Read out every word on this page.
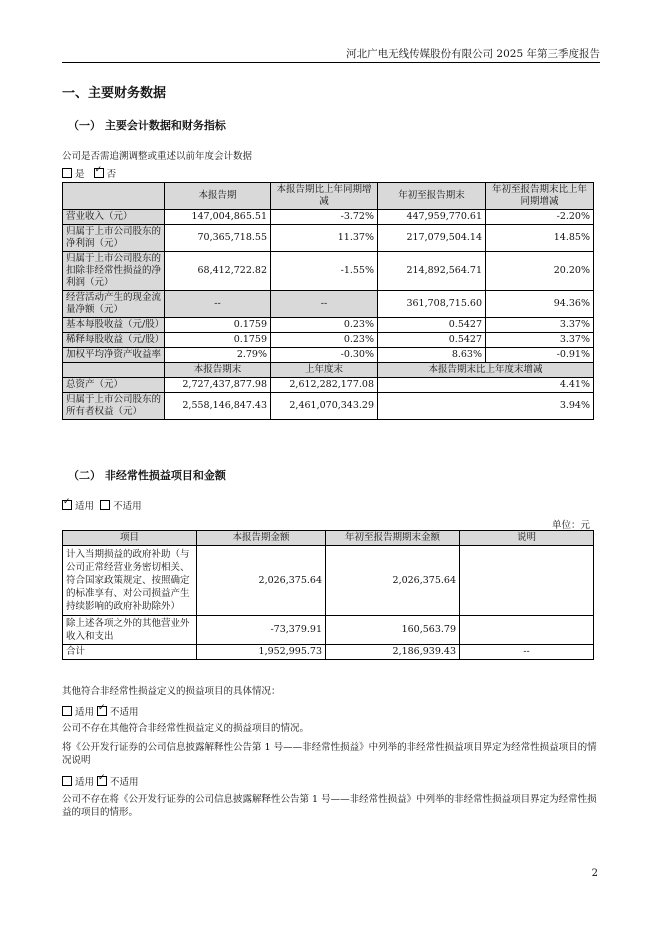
河北广电无线传媒股份有限公司 2025 年第三季度报告
一、主要财务数据
（一） 主要会计数据和财务指标
公司是否需追溯调整或重述以前年度会计数据
是 ✓ 否
	本报告期	本报告期比上年同期增减	年初至报告期末	年初至报告期末比上年同期增减
营业收入（元）	147,004,865.51	-3.72%	447,959,770.61	-2.20%
归属于上市公司股东的净利润（元）	70,365,718.55	11.37%	217,079,504.14	14.85%
归属于上市公司股东的扣除非经常性损益的净利润（元）	68,412,722.82	-1.55%	214,892,564.71	20.20%
经营活动产生的现金流量净额（元）	--	--	361,708,715.60	94.36%
基本每股收益（元/股）	0.1759	0.23%	0.5427	3.37%
稀释每股收益（元/股）	0.1759	0.23%	0.5427	3.37%
加权平均净资产收益率	2.79%	-0.30%	8.63%	-0.91%
	本报告期末	上年度末	本报告期末比上年度末增减	
总资产（元）	2,727,437,877.98	2,612,282,177.08	4.41%	
归属于上市公司股东的所有者权益（元）	2,558,146,847.43	2,461,070,343.29	3.94%	
（二） 非经常性损益项目和金额
✓适用 不适用
单位：元
项目	本报告期金额	年初至报告期期末金额	说明
计入当期损益的政府补助（与公司正常经营业务密切相关、符合国家政策规定、按照确定的标准享有、对公司损益产生持续影响的政府补助除外）	2,026,375.64	2,026,375.64	
除上述各项之外的其他营业外收入和支出	-73,379.91	160,563.79	
合计	1,952,995.73	2,186,939.43	--
其他符合非经常性损益定义的损益项目的具体情况：
适用 ✓ 不适用
公司不存在其他符合非经常性损益定义的损益项目的情况。
将《公开发行证券的公司信息披露解释性公告第 1 号——非经常性损益》中列举的非经常性损益项目界定为经常性损益项目的情况说明
适用 ✓ 不适用
公司不存在将《公开发行证券的公司信息披露解释性公告第 1 号——非经常性损益》中列举的非经常性损益项目界定为经常性损益的项目的情形。
2
